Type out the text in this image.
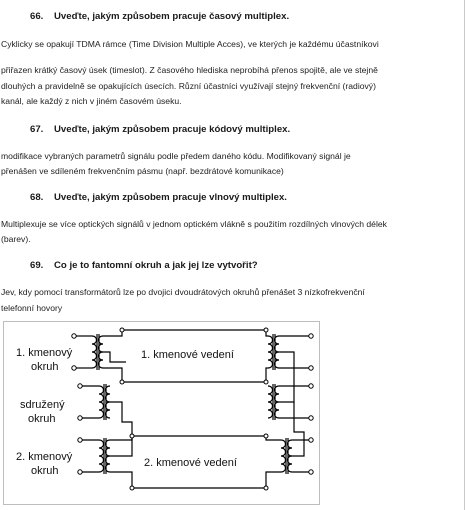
66. Uveďte, jakým způsobem pracuje časový multiplex.
Cyklicky se opakují TDMA rámce (Time Division Multiple Acces), ve kterých je každému účastníkovi
přiřazen krátký časový úsek (timeslot). Z časového hlediska neprobíhá přenos spojitě, ale ve stejně
dlouhých a pravidelně se opakujících úsecích. Různí účastníci využívají stejný frekvenční (radiový)
kanál, ale každý z nich v jiném časovém úseku.
67. Uveďte, jakým způsobem pracuje kódový multiplex.
modifikace vybraných parametrů signálu podle předem daného kódu. Modifikovaný signál je
přenášen ve sdíleném frekvenčním pásmu (např. bezdrátové komunikace)
68. Uveďte, jakým způsobem pracuje vlnový multiplex.
Multiplexuje se více optických signálů v jednom optickém vlákně s použitím rozdílných vlnových délek
(barev).
69. Co je to fantomní okruh a jak jej lze vytvořit?
Jev, kdy pomocí transformátorů lze po dvojici dvoudrátových okruhů přenášet 3 nízkofrekvenční
telefonní hovory
1. kmenový
okruh
sdružený
okruh
2. kmenový
okruh
1. kmenové vedení
2. kmenové vedení
